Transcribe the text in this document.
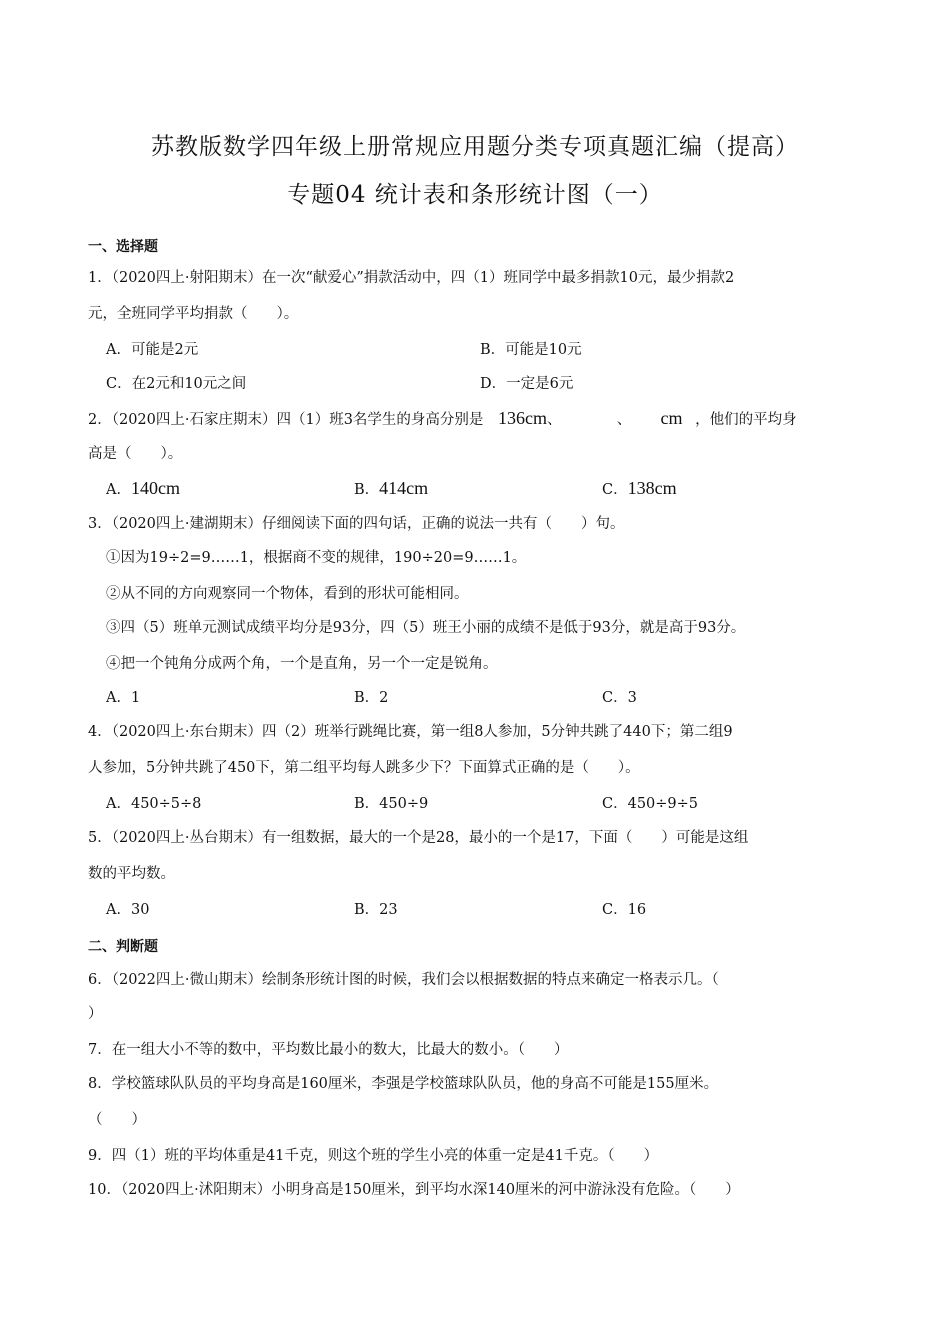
苏教版数学四年级上册常规应用题分类专项真题汇编（提高）
专题04 统计表和条形统计图（一）
一、选择题
1．（2020四上·射阳期末）在一次“献爱心”捐款活动中，四（1）班同学中最多捐款10元，最少捐款2
元，全班同学平均捐款（　　）。
A．可能是2元	B．可能是10元
C．在2元和10元之间	D．一定是6元
2．（2020四上·石家庄期末）四（1）班3名学生的身高分别是 136cm、	、 cm ，他们的平均身
高是（　　）。
A．140cm	B．414cm	C．138cm
3．（2020四上·建湖期末）仔细阅读下面的四句话，正确的说法一共有（　　）句。
①因为19÷2=9……1，根据商不变的规律，190÷20=9……1。
②从不同的方向观察同一个物体，看到的形状可能相同。
③四（5）班单元测试成绩平均分是93分，四（5）班王小丽的成绩不是低于93分，就是高于93分。
④把一个钝角分成两个角，一个是直角，另一个一定是锐角。
A．1	B．2	C．3
4．（2020四上·东台期末）四（2）班举行跳绳比赛，第一组8人参加，5分钟共跳了440下；第二组9
人参加，5分钟共跳了450下，第二组平均每人跳多少下？下面算式正确的是（　　）。
A．450÷5÷8	B．450÷9	C．450÷9÷5
5．（2020四上·丛台期末）有一组数据，最大的一个是28，最小的一个是17，下面（　　）可能是这组
数的平均数。
A．30	B．23	C．16
二、判断题
6．（2022四上·微山期末）绘制条形统计图的时候，我们会以根据数据的特点来确定一格表示几。（
）
7．在一组大小不等的数中，平均数比最小的数大，比最大的数小。（　　）
8．学校篮球队队员的平均身高是160厘米，李强是学校篮球队队员，他的身高不可能是155厘米。
（　　）
9．四（1）班的平均体重是41千克，则这个班的学生小亮的体重一定是41千克。（　　）
10．（2020四上·沭阳期末）小明身高是150厘米，到平均水深140厘米的河中游泳没有危险。（　　）
